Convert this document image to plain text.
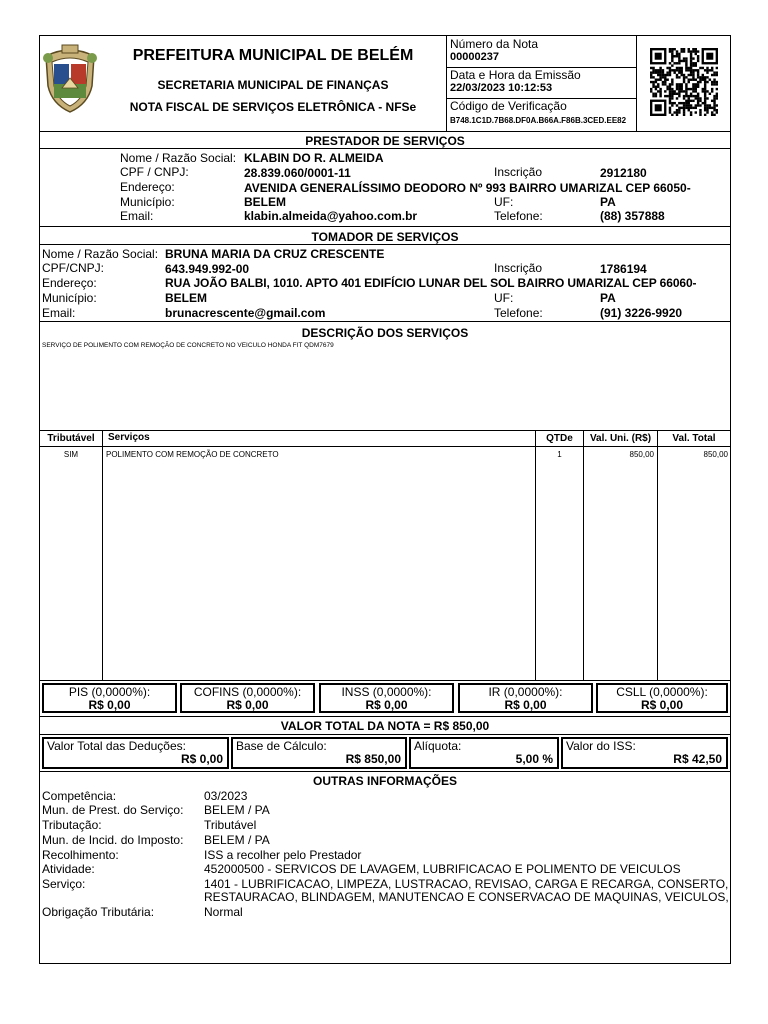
PREFEITURA MUNICIPAL DE BELÉM
SECRETARIA MUNICIPAL DE FINANÇAS
NOTA FISCAL DE SERVIÇOS ELETRÔNICA - NFSe
Número da Nota
00000237
Data e Hora da Emissão
22/03/2023 10:12:53
Código de Verificação
B748.1C1D.7B68.DF0A.B66A.F86B.3CED.EE82
PRESTADOR DE SERVIÇOS
Nome / Razão Social: KLABIN DO R. ALMEIDA
CPF / CNPJ:	28.839.060/0001-11	Inscrição	2912180
Endereço:	AVENIDA GENERALÍSSIMO DEODORO Nº 993 BAIRRO UMARIZAL CEP 66050-
Município:	BELEM	UF:	PA
Email:	klabin.almeida@yahoo.com.br	Telefone:	(88) 357888
TOMADOR DE SERVIÇOS
Nome / Razão Social: BRUNA MARIA DA CRUZ CRESCENTE
CPF/CNPJ:	643.949.992-00	Inscrição	1786194
Endereço:	RUA JOÃO BALBI, 1010. APTO 401 EDIFÍCIO LUNAR DEL SOL BAIRRO UMARIZAL CEP 66060-
Município:	BELEM	UF:	PA
Email:	brunacrescente@gmail.com	Telefone:	(91) 3226-9920
DESCRIÇÃO DOS SERVIÇOS
SERVIÇO DE POLIMENTO COM REMOÇÃO DE CONCRETO NO VEICULO HONDA FIT QDM7679
Tributável	Serviços	QTDe	Val. Uni. (R$)	Val. Total
SIM	POLIMENTO COM REMOÇÃO DE CONCRETO	1	850,00	850,00
PIS (0,0000%):
R$ 0,00
COFINS (0,0000%):
R$ 0,00
INSS (0,0000%):
R$ 0,00
IR (0,0000%):
R$ 0,00
CSLL (0,0000%):
R$ 0,00
VALOR TOTAL DA NOTA = R$ 850,00
Valor Total das Deduções:
R$ 0,00
Base de Cálculo:
R$ 850,00
Alíquota:
5,00 %
Valor do ISS:
R$ 42,50
OUTRAS INFORMAÇÕES
Competência:	03/2023
Mun. de Prest. do Serviço: BELEM / PA
Tributação:	Tributável
Mun. de Incid. do Imposto: BELEM / PA
Recolhimento:	ISS a recolher pelo Prestador
Atividade:	452000500 - SERVICOS DE LAVAGEM, LUBRIFICACAO E POLIMENTO DE VEICULOS
Serviço:	1401 - LUBRIFICACAO, LIMPEZA, LUSTRACAO, REVISAO, CARGA E RECARGA, CONSERTO,
RESTAURACAO, BLINDAGEM, MANUTENCAO E CONSERVACAO DE MAQUINAS, VEICULOS,
Obrigação Tributária:	Normal
